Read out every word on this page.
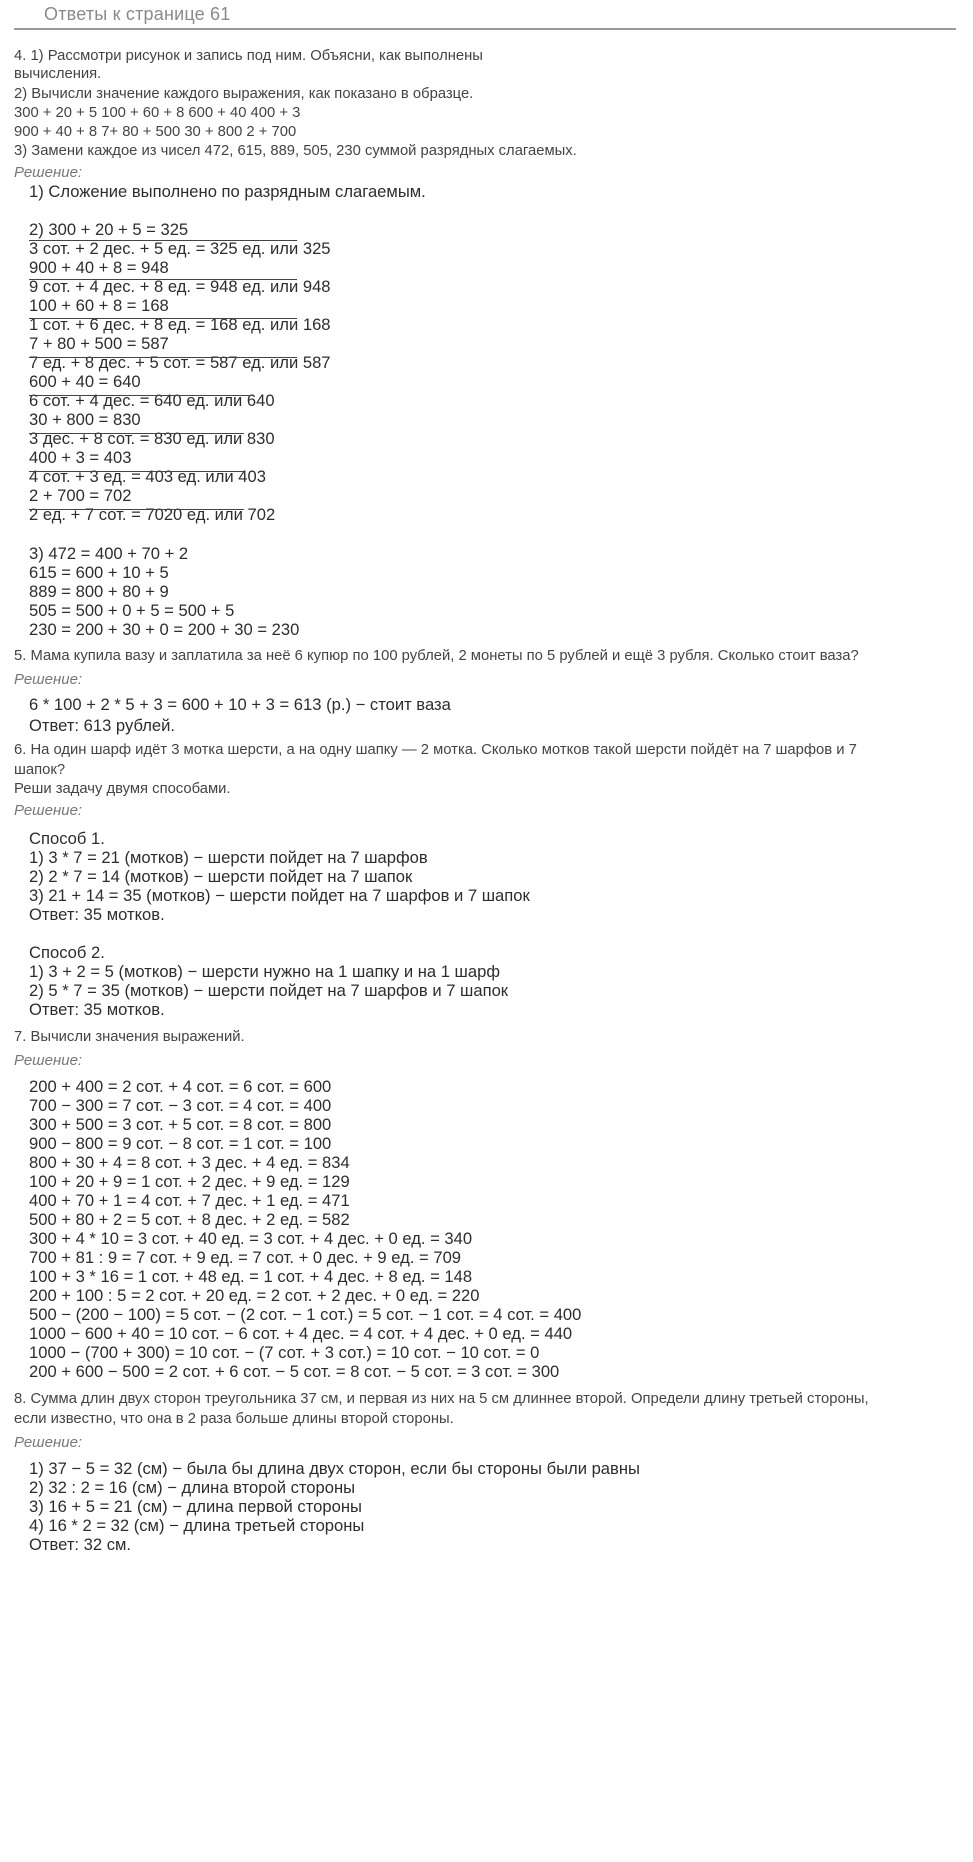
Ответы к странице 61
4. 1) Рассмотри рисунок и запись под ним. Объясни, как выполнены
вычисления.
2) Вычисли значение каждого выражения, как показано в образце.
300 + 20 + 5 100 + 60 + 8 600 + 40 400 + 3
900 + 40 + 8 7+ 80 + 500 30 + 800 2 + 700
3) Замени каждое из чисел 472, 615, 889, 505, 230 суммой разрядных слагаемых.
Решение:
1) Сложение выполнено по разрядным слагаемым.
2) 300 + 20 + 5 = 325
3 сот. + 2 дес. + 5 ед. = 325 ед. или 325
900 + 40 + 8 = 948
9 сот. + 4 дес. + 8 ед. = 948 ед. или 948
100 + 60 + 8 = 168
1 сот. + 6 дес. + 8 ед. = 168 ед. или 168
7 + 80 + 500 = 587
7 ед. + 8 дес. + 5 сот. = 587 ед. или 587
600 + 40 = 640
6 сот. + 4 дес. = 640 ед. или 640
30 + 800 = 830
3 дес. + 8 сот. = 830 ед. или 830
400 + 3 = 403
4 сот. + 3 ед. = 403 ед. или 403
2 + 700 = 702
2 ед. + 7 сот. = 7020 ед. или 702
3) 472 = 400 + 70 + 2
615 = 600 + 10 + 5
889 = 800 + 80 + 9
505 = 500 + 0 + 5 = 500 + 5
230 = 200 + 30 + 0 = 200 + 30 = 230
5. Мама купила вазу и заплатила за неё 6 купюр по 100 рублей, 2 монеты по 5 рублей и ещё 3 рубля. Сколько стоит ваза?
Решение:
6 * 100 + 2 * 5 + 3 = 600 + 10 + 3 = 613 (р.) − стоит ваза
Ответ: 613 рублей.
6. На один шарф идёт 3 мотка шерсти, а на одну шапку — 2 мотка. Сколько мотков такой шерсти пойдёт на 7 шарфов и 7
шапок?
Реши задачу двумя способами.
Решение:
Способ 1.
1) 3 * 7 = 21 (мотков) − шерсти пойдет на 7 шарфов
2) 2 * 7 = 14 (мотков) − шерсти пойдет на 7 шапок
3) 21 + 14 = 35 (мотков) − шерсти пойдет на 7 шарфов и 7 шапок
Ответ: 35 мотков.
Способ 2.
1) 3 + 2 = 5 (мотков) − шерсти нужно на 1 шапку и на 1 шарф
2) 5 * 7 = 35 (мотков) − шерсти пойдет на 7 шарфов и 7 шапок
Ответ: 35 мотков.
7. Вычисли значения выражений.
Решение:
200 + 400 = 2 сот. + 4 сот. = 6 сот. = 600
700 − 300 = 7 сот. − 3 сот. = 4 сот. = 400
300 + 500 = 3 сот. + 5 сот. = 8 сот. = 800
900 − 800 = 9 сот. − 8 сот. = 1 сот. = 100
800 + 30 + 4 = 8 сот. + 3 дес. + 4 ед. = 834
100 + 20 + 9 = 1 сот. + 2 дес. + 9 ед. = 129
400 + 70 + 1 = 4 сот. + 7 дес. + 1 ед. = 471
500 + 80 + 2 = 5 сот. + 8 дес. + 2 ед. = 582
300 + 4 * 10 = 3 сот. + 40 ед. = 3 сот. + 4 дес. + 0 ед. = 340
700 + 81 : 9 = 7 сот. + 9 ед. = 7 сот. + 0 дес. + 9 ед. = 709
100 + 3 * 16 = 1 сот. + 48 ед. = 1 сот. + 4 дес. + 8 ед. = 148
200 + 100 : 5 = 2 сот. + 20 ед. = 2 сот. + 2 дес. + 0 ед. = 220
500 − (200 − 100) = 5 сот. − (2 сот. − 1 сот.) = 5 сот. − 1 сот. = 4 сот. = 400
1000 − 600 + 40 = 10 сот. − 6 сот. + 4 дес. = 4 сот. + 4 дес. + 0 ед. = 440
1000 − (700 + 300) = 10 сот. − (7 сот. + 3 сот.) = 10 сот. − 10 сот. = 0
200 + 600 − 500 = 2 сот. + 6 сот. − 5 сот. = 8 сот. − 5 сот. = 3 сот. = 300
8. Сумма длин двух сторон треугольника 37 см, и первая из них на 5 см длиннее второй. Определи длину третьей стороны,
если известно, что она в 2 раза больше длины второй стороны.
Решение:
1) 37 − 5 = 32 (см) − была бы длина двух сторон, если бы стороны были равны
2) 32 : 2 = 16 (см) − длина второй стороны
3) 16 + 5 = 21 (см) − длина первой стороны
4) 16 * 2 = 32 (см) − длина третьей стороны
Ответ: 32 см.
